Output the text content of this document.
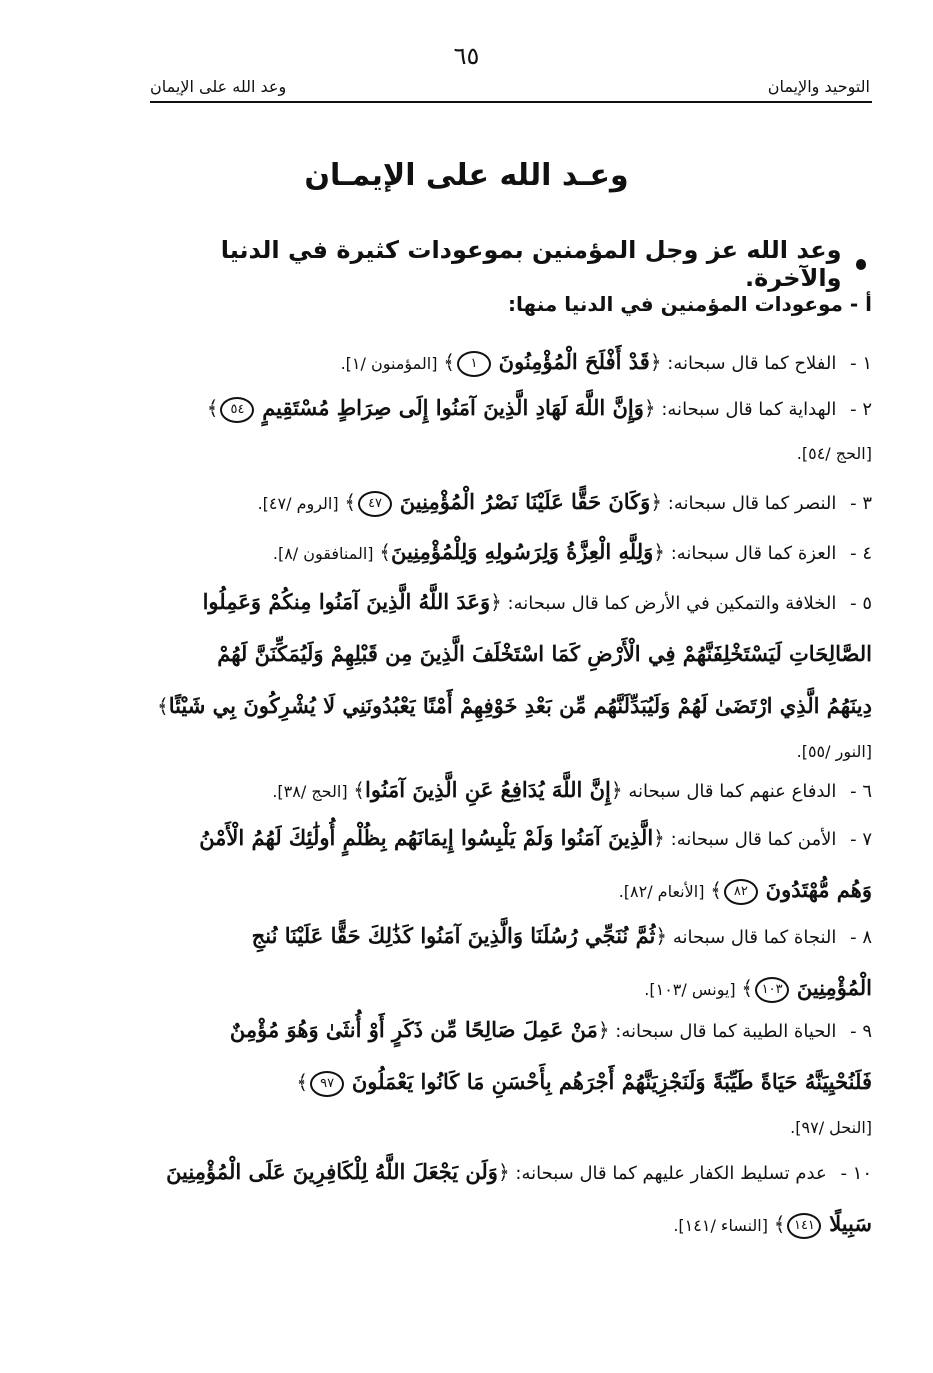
٦٥
التوحيد والإيمان
وعد الله على الإيمان
وعـد الله على الإيمـان
وعد الله عز وجل المؤمنين بموعودات كثيرة في الدنيا والآخرة.
أ - موعودات المؤمنين في الدنيا منها:
١ - الفلاح كما قال سبحانه: ﴿قَدْ أَفْلَحَ الْمُؤْمِنُونَ ١﴾ [المؤمنون /١].
٢ - الهداية كما قال سبحانه: ﴿وَإِنَّ اللَّهَ لَهَادِ الَّذِينَ آمَنُوا إِلَى صِرَاطٍ مُسْتَقِيمٍ ٥٤﴾
[الحج /٥٤].
٣ - النصر كما قال سبحانه: ﴿وَكَانَ حَقًّا عَلَيْنَا نَصْرُ الْمُؤْمِنِينَ ٤٧﴾ [الروم /٤٧].
٤ - العزة كما قال سبحانه: ﴿وَلِلَّهِ الْعِزَّةُ وَلِرَسُولِهِ وَلِلْمُؤْمِنِينَ﴾ [المنافقون /٨].
٥ - الخلافة والتمكين في الأرض كما قال سبحانه: ﴿وَعَدَ اللَّهُ الَّذِينَ آمَنُوا مِنكُمْ وَعَمِلُوا
الصَّالِحَاتِ لَيَسْتَخْلِفَنَّهُمْ فِي الْأَرْضِ كَمَا اسْتَخْلَفَ الَّذِينَ مِن قَبْلِهِمْ وَلَيُمَكِّنَنَّ لَهُمْ
دِينَهُمُ الَّذِي ارْتَضَىٰ لَهُمْ وَلَيُبَدِّلَنَّهُم مِّن بَعْدِ خَوْفِهِمْ أَمْنًا يَعْبُدُونَنِي لَا يُشْرِكُونَ بِي شَيْئًا﴾
[النور /٥٥].
٦ - الدفاع عنهم كما قال سبحانه ﴿إِنَّ اللَّهَ يُدَافِعُ عَنِ الَّذِينَ آمَنُوا﴾ [الحج /٣٨].
٧ - الأمن كما قال سبحانه: ﴿الَّذِينَ آمَنُوا وَلَمْ يَلْبِسُوا إِيمَانَهُم بِظُلْمٍ أُولَٰئِكَ لَهُمُ الْأَمْنُ
وَهُم مُّهْتَدُونَ ٨٢﴾ [الأنعام /٨٢].
٨ - النجاة كما قال سبحانه ﴿ثُمَّ نُنَجِّي رُسُلَنَا وَالَّذِينَ آمَنُوا كَذَٰلِكَ حَقًّا عَلَيْنَا نُنجِ
الْمُؤْمِنِينَ ١٠٣﴾ [يونس /١٠٣].
٩ - الحياة الطيبة كما قال سبحانه: ﴿مَنْ عَمِلَ صَالِحًا مِّن ذَكَرٍ أَوْ أُنثَىٰ وَهُوَ مُؤْمِنٌ
فَلَنُحْيِيَنَّهُ حَيَاةً طَيِّبَةً وَلَنَجْزِيَنَّهُمْ أَجْرَهُم بِأَحْسَنِ مَا كَانُوا يَعْمَلُونَ ٩٧﴾
[النحل /٩٧].
١٠ - عدم تسليط الكفار عليهم كما قال سبحانه: ﴿وَلَن يَجْعَلَ اللَّهُ لِلْكَافِرِينَ عَلَى الْمُؤْمِنِينَ
سَبِيلًا ١٤١﴾ [النساء /١٤١].
